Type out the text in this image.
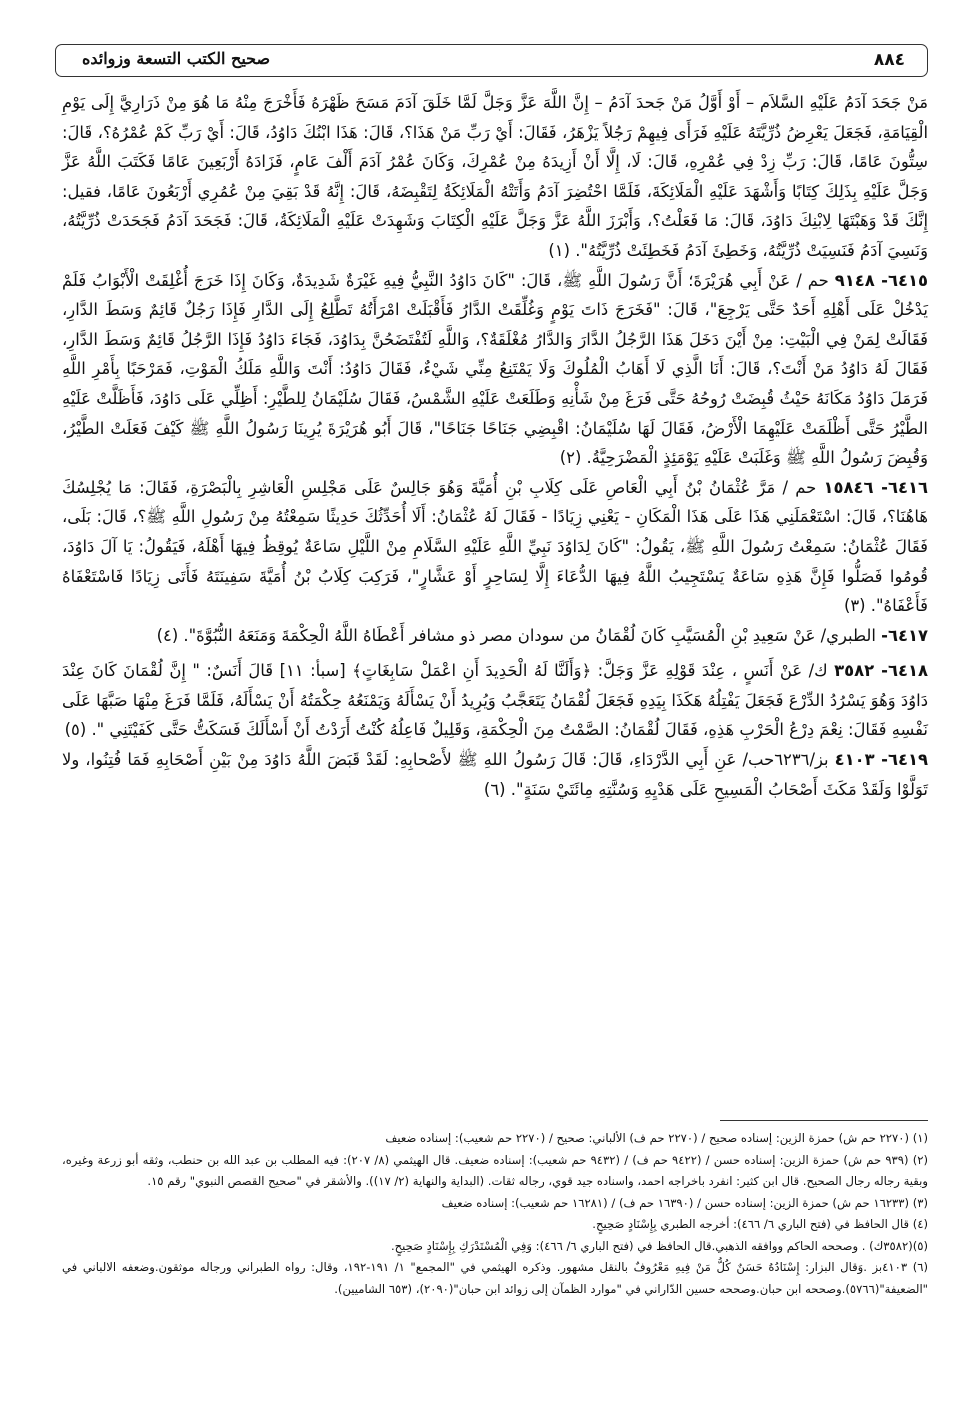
٨٨٤
صحيح الكتب التسعة وزوائده

مَنْ جَحَدَ آدَمُ عَلَيْهِ السَّلاَم – أَوْ أَوَّلُ مَنْ جَحدَ آدَمُ – إِنَّ اللَّهَ عَزَّ وَجَلَّ لَمَّا خَلَقَ آدَمَ مَسَحَ ظَهْرَهُ فَأَخْرَجَ مِنْهُ مَا هُوَ مِنْ ذَرَارِيَّ إِلَى يَوْمِ الْقِيَامَةِ، فَجَعَلَ يَعْرِضُ ذُرِّيَّتَهُ عَلَيْهِ فَرَأَى فِيهِمْ رَجُلاً يَزْهَرُ، فَقَالَ: أَيْ رَبِّ مَنْ هَذَا؟، قَالَ: هَذَا ابْنُكَ دَاوُدُ، قَالَ: أَيْ رَبِّ كَمْ عُمْرُهُ؟، قَالَ: سِتُّونَ عَامًا، قَالَ: رَبِّ زِدْ فِي عُمْرِهِ، قَالَ: لَا، إِلَّا أَنْ أَزِيدَهُ مِنْ عُمْرِكَ، وَكَانَ عُمْرُ آدَمَ أَلْفَ عَامٍ، فَزَادَهُ أَرْبَعِينَ عَامًا فَكَتَبَ اللَّهُ عَزَّ وَجَلَّ عَلَيْهِ بِذَلِكَ كِتَابًا وَأَشْهَدَ عَلَيْهِ الْمَلَائِكَةَ، فَلَمَّا احْتُضِرَ آدَمُ وَأَتَتْهُ الْمَلَائِكَةُ لِتَقْبِضَهُ، قَالَ: إِنَّهُ قَدْ بَقِيَ مِنْ عُمُرِي أَرْبَعُونَ عَامًا، فقيل: إِنَّكَ قَدْ وَهَبْتَهَا لِابْنِكَ دَاوُدَ، قَالَ: مَا فَعَلْتُ؟، وَأَبْرَزَ اللَّهُ عَزَّ وَجَلَّ عَلَيْهِ الْكِتَابَ وَشَهِدَتْ عَلَيْهِ الْمَلَائِكَةُ، قَالَ: فَجَحَدَ آدَمُ فَجَحَدَتْ ذُرِّيَّتُهُ، وَنَسِيَ آدَمُ فَنَسِيَتْ ذُرِّيَّتُهُ، وَخَطِئَ آدَمُ فَخَطِئَتْ ذُرِّيَّتُهُ". (١)

٦٤١٥- ٩١٤٨ حم / عَنْ أَبِي هُرَيْرَةَ؛ أَنَّ رَسُولَ اللَّهِ ﷺ، قَالَ: "كَانَ دَاوُدُ النَّبِيُّ فِيهِ غَيْرَةٌ شَدِيدَةٌ، وَكَانَ إِذَا خَرَجَ أُغْلِقَتْ الْأَبْوَابُ فَلَمْ يَدْخُلْ عَلَى أَهْلِهِ أَحَدٌ حَتَّى يَرْجِعَ"، قَالَ: "فَخَرَجَ ذَاتَ يَوْمٍ وَغُلِّقَتْ الدَّارُ فَأَقْبَلَتْ امْرَأَتُهُ تَطَّلِعُ إِلَى الدَّارِ فَإِذَا رَجُلٌ قَائِمٌ وَسَطَ الدَّارِ، فَقَالَتْ لِمَنْ فِي الْبَيْتِ: مِنْ أَيْنَ دَخَلَ هَذَا الرَّجُلُ الدَّارَ وَالدَّارُ مُغْلَقَةٌ؟، وَاللَّهِ لَتُفْتَضَحُنَّ بِدَاوُدَ، فَجَاءَ دَاوُدُ فَإِذَا الرَّجُلُ قَائِمٌ وَسَطَ الدَّارِ، فَقَالَ لَهُ دَاوُدُ مَنْ أَنْتَ؟، قَالَ: أَنَا الَّذِي لَا أَهَابُ الْمُلُوكَ وَلَا يَمْتَنِعُ مِنِّي شَيْءٌ، فَقَالَ دَاوُدُ: أَنْتَ وَاللَّهِ مَلَكُ الْمَوْتِ، فَمَرْحَبًا بِأَمْرِ اللَّهِ فَرَمَلَ دَاوُدُ مَكَانَهُ حَيْثُ قُبِضَتْ رُوحُهُ حَتَّى فَرَغَ مِنْ شَأْنِهِ وَطَلَعَتْ عَلَيْهِ الشَّمْسُ، فَقَالَ سُلَيْمَانُ لِلطَّيْرِ: أَظِلِّي عَلَى دَاوُدَ، فَأَظَلَّتْ عَلَيْهِ الطَّيْرُ حَتَّى أَظْلَمَتْ عَلَيْهِمَا الْأَرْضُ، فَقَالَ لَهَا سُلَيْمَانُ: اقْبِضِي جَنَاحًا جَنَاحًا"، قَالَ أَبُو هُرَيْرَةَ يُرِينَا رَسُولُ اللَّهِ ﷺ كَيْفَ فَعَلَتْ الطَّيْرُ، وَقُبِضَ رَسُولُ اللَّهِ ﷺ وَغَلَبَتْ عَلَيْهِ يَوْمَئِذٍ الْمَضْرَحِيَّةُ. (٢)

٦٤١٦- ١٥٨٤٦ حم / مَرَّ عُثْمَانُ بْنُ أَبِي الْعَاصِ عَلَى كِلَابِ بْنِ أُمَيَّةَ وَهُوَ جَالِسٌ عَلَى مَجْلِسِ الْعَاشِرِ بِالْبَصْرَةِ، فَقَالَ: مَا يُجْلِسُكَ هَاهُنَا؟، قَالَ: اسْتَعْمَلَنِي هَذَا عَلَى هَذَا الْمَكَانِ - يَعْنِي زِيَادًا - فَقَالَ لَهُ عُثْمَانُ: أَلَا أُحَدِّثُكَ حَدِيثًا سَمِعْتُهُ مِنْ رَسُولِ اللَّهِ ﷺ؟، قَالَ: بَلَى، فَقَالَ عُثْمَانُ: سَمِعْتُ رَسُولَ اللَّهِ ﷺ، يَقُولُ: "كَانَ لِدَاوُدَ نَبِيِّ اللَّهِ عَلَيْهِ السَّلَامِ مِنْ اللَّيْلِ سَاعَةٌ يُوقِظُ فِيهَا أَهْلَهُ، فَيَقُولُ: يَا آلَ دَاوُدَ، قُومُوا فَصَلُّوا فَإِنَّ هَذِهِ سَاعَةٌ يَسْتَجِيبُ اللَّهُ فِيهَا الدُّعَاءَ إِلَّا لِسَاحِرٍ أَوْ عَشَّارٍ"، فَرَكِبَ كِلَابُ بْنُ أُمَيَّةَ سَفِينَتَهُ فَأَتَى زِيَادًا فَاسْتَعْفَاهُ فَأَعْفَاهُ". (٣)

٦٤١٧- الطبري/ عَنْ سَعِيدِ بْنِ الْمُسَيَّبِ كَانَ لُقْمَانُ من سودان مصر ذو مشافر أَعْطَاهُ اللَّهُ الْحِكْمَةَ وَمَنَعَهُ النُّبُوَّةَ". (٤)

٦٤١٨- ٣٥٨٢ ك/ عَنْ أَنَسٍ ، عِنْدَ قَوْلِهِ عَزَّ وَجَلَّ: ﴿وَأَلَنَّا لَهُ الْحَدِيدَ أَنِ اعْمَلْ سَابِغَاتٍ﴾ [سبأ: ١١] قَالَ أَنَسٌ: " إِنَّ لُقْمَانَ كَانَ عِنْدَ دَاوُدَ وَهُوَ يَسْرُدُ الدِّرْعَ فَجَعَلَ يَفْتِلُهُ هَكَذَا بِيَدِهِ فَجَعَلَ لُقْمَانُ يَتَعَجَّبُ وَيُرِيدُ أَنْ يَسْأَلَهُ وَيَمْنَعُهُ حِكْمَتُهُ أَنْ يَسْأَلَهُ، فَلَمَّا فَرَغَ مِنْهَا صَبَّهَا عَلَى نَفْسِهِ فَقَالَ: نِعْمَ دِرْعُ الْحَرْبِ هَذِهِ، فَقَالَ لُقْمَانُ: الصَّمْتُ مِنَ الْحِكْمَةِ، وَقَلِيلٌ فَاعِلُهُ كُنْتُ أَرَدْتُ أَنْ أَسْأَلَكَ فَسَكَتُّ حَتَّى كَفَيْتَنِي ". (٥)

٦٤١٩- ٤١٠٣ بز/٦٢٣٦حب/ عَنِ أَبِي الدَّرْدَاءِ، قَالَ: قَالَ رَسُولُ اللهِ ﷺ لأَصْحابِهِ: لَقَدْ قَبَضَ اللَّهُ دَاوُدَ مِنْ بَيْنِ أَصْحَابِهِ فَمَا فُتِنُوا، ولا تَوَلَّوْا وَلَقَدْ مَكَثَ أَصْحَابُ الْمَسِيحِ عَلَى هَدْيِهِ وَسُنَّتِهِ مِائَتَيْ سَنَةٍ". (٦)

(١) (٢٢٧٠ حم ش) حمزة الزين: إسناده صحيح / (٢٢٧٠ حم ف) الألباني: صحيح / (٢٢٧٠ حم شعيب): إسناده ضعيف

(٢) (٩٣٩ حم ش) حمزة الزين: إسناده حسن / (٩٤٢٢ حم ف) / (٩٤٣٢ حم شعيب): إسناده ضعيف. قال الهيثمي (٨/ ٢٠٧): فيه المطلب بن عبد الله بن حنطب، وثقه أبو زرعة وغيره، وبقية رجاله رجال الصحيح. قال ابن كثير: انفرد باخراجه احمد، واسناده جيد قوي، رجاله ثقات. (البداية والنهاية (٢/ ١٧)). والأشقر في "صحيح القصص النبوي" رقم ١٥.

(٣) (١٦٢٣٣ حم ش) حمزة الزين: إسناده حسن / (١٦٣٩٠ حم ف) / (١٦٢٨١ حم شعيب): إسناده ضعيف

(٤) قال الحافظ في (فتح الباري ٦/ ٤٦٦): أخرجه الطبري بِإِسْنَادٍ صَحِيحٍ.

(٥)(٣٥٨٢ك) . وصححه الحاكم ووافقه الذهبي.قال الحافظ في (فتح الباري ٦/ ٤٦٦): وَفِي الْمُسْتَدْرَكِ بِإِسْنَادٍ صَحِيحٍ.

(٦) ٤١٠٣بز .وَقال البزار: إِسْنَادُهُ حَسَنٌ كُلُّ مَنْ فِيهِ مَعْرُوفٌ بالنقل مشهور. وذكره الهيثمي في "المجمع" ١/ ١٩١-١٩٢، وقال: رواه الطبراني ورجاله موثقون.وضعفه الالباني في "الضعيفة"(٥٧٦٦).وصححه ابن حبان.وصححه حسين الدّاراني في "موارد الظمآن إلى زوائد ابن حبان"(٢٠٩٠)، (٦٥٣ الشاميين).
